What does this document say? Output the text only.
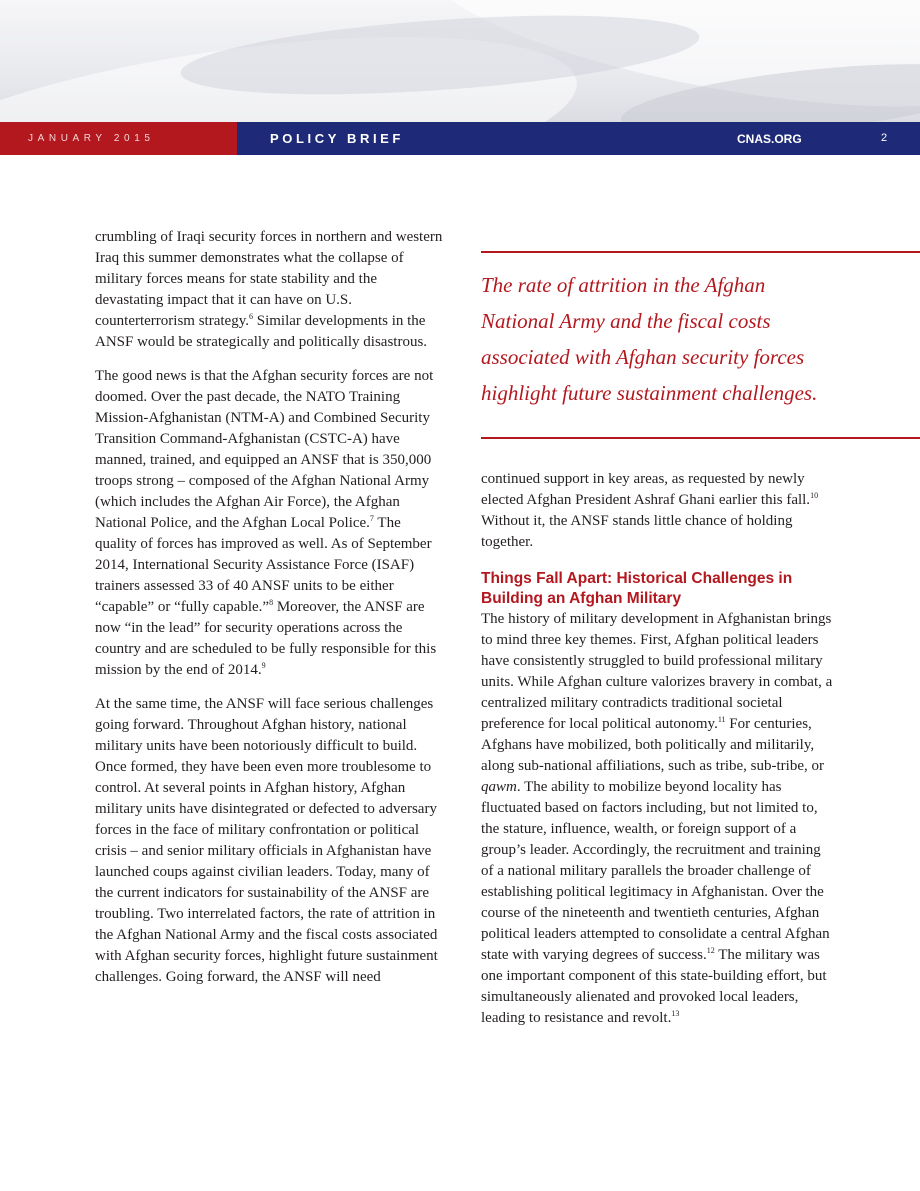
JANUARY 2015	POLICY BRIEF	CNAS.ORG	2

crumbling of Iraqi security forces in northern and western Iraq this summer demonstrates what the collapse of military forces means for state stability and the devastating impact that it can have on U.S. counterterrorism strategy.$^6$ Similar developments in the ANSF would be strategically and politically disastrous.

The good news is that the Afghan security forces are not doomed. Over the past decade, the NATO Training Mission-Afghanistan (NTM-A) and Combined Security Transition Command-Afghanistan (CSTC-A) have manned, trained, and equipped an ANSF that is 350,000 troops strong – composed of the Afghan National Army (which includes the Afghan Air Force), the Afghan National Police, and the Afghan Local Police.$^7$ The quality of forces has improved as well. As of September 2014, International Security Assistance Force (ISAF) trainers assessed 33 of 40 ANSF units to be either “capable” or “fully capable.”$^8$ Moreover, the ANSF are now “in the lead” for security operations across the country and are scheduled to be fully responsible for this mission by the end of 2014.$^9$

At the same time, the ANSF will face serious challenges going forward. Throughout Afghan history, national military units have been notoriously difficult to build. Once formed, they have been even more troublesome to control. At several points in Afghan history, Afghan military units have disintegrated or defected to adversary forces in the face of military confrontation or political crisis – and senior military officials in Afghanistan have launched coups against civilian leaders. Today, many of the current indicators for sustainability of the ANSF are troubling. Two interrelated factors, the rate of attrition in the Afghan National Army and the fiscal costs associated with Afghan security forces, highlight future sustainment challenges. Going forward, the ANSF will need

The rate of attrition in the Afghan National Army and the fiscal costs associated with Afghan security forces highlight future sustainment challenges.

continued support in key areas, as requested by newly elected Afghan President Ashraf Ghani earlier this fall.$^{10}$ Without it, the ANSF stands little chance of holding together.

Things Fall Apart: Historical Challenges in Building an Afghan Military

The history of military development in Afghanistan brings to mind three key themes. First, Afghan political leaders have consistently struggled to build professional military units. While Afghan culture valorizes bravery in combat, a centralized military contradicts traditional societal preference for local political autonomy.$^{11}$ For centuries, Afghans have mobilized, both politically and militarily, along sub-national affiliations, such as tribe, sub-tribe, or qawm. The ability to mobilize beyond locality has fluctuated based on factors including, but not limited to, the stature, influence, wealth, or foreign support of a group’s leader. Accordingly, the recruitment and training of a national military parallels the broader challenge of establishing political legitimacy in Afghanistan. Over the course of the nineteenth and twentieth centuries, Afghan political leaders attempted to consolidate a central Afghan state with varying degrees of success.$^{12}$ The military was one important component of this state-building effort, but simultaneously alienated and provoked local leaders, leading to resistance and revolt.$^{13}$
